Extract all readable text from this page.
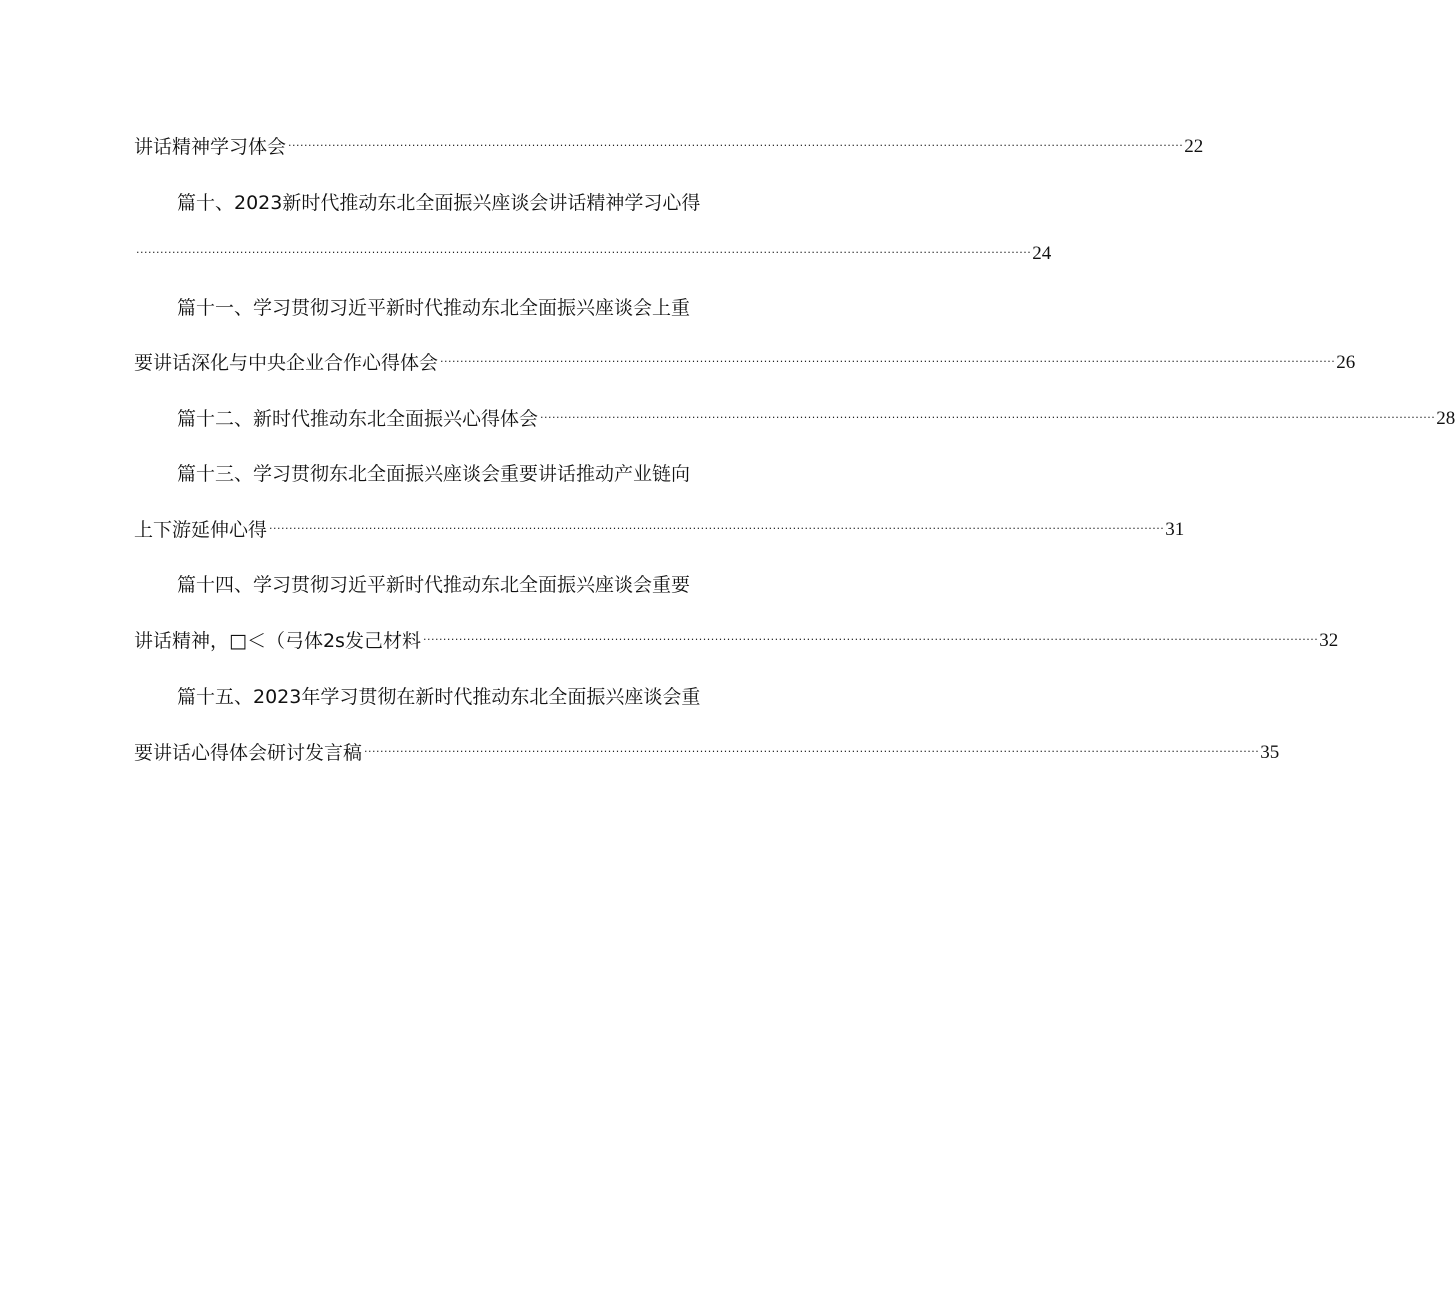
讲话精神学习体会 ................................................................................................................................................................................................................................ 22
篇十、2023新时代推动东北全面振兴座谈会讲话精神学习心得
................................................................................................................................................................................................................................ 24
篇十一、学习贯彻习近平新时代推动东北全面振兴座谈会上重
要讲话深化与中央企业合作心得体会 ................................................................................................................................................................................................................................ 26
篇十二、新时代推动东北全面振兴心得体会 ................................................................................................................................................................................................................................ 28
篇十三、学习贯彻东北全面振兴座谈会重要讲话推动产业链向
上下游延伸心得 ................................................................................................................................................................................................................................ 31
篇十四、学习贯彻习近平新时代推动东北全面振兴座谈会重要
讲话精神，□＜（弓体2s发己材料 ................................................................................................................................................................................................................................ 32
篇十五、2023年学习贯彻在新时代推动东北全面振兴座谈会重
要讲话心得体会研讨发言稿 ................................................................................................................................................................................................................................ 35
